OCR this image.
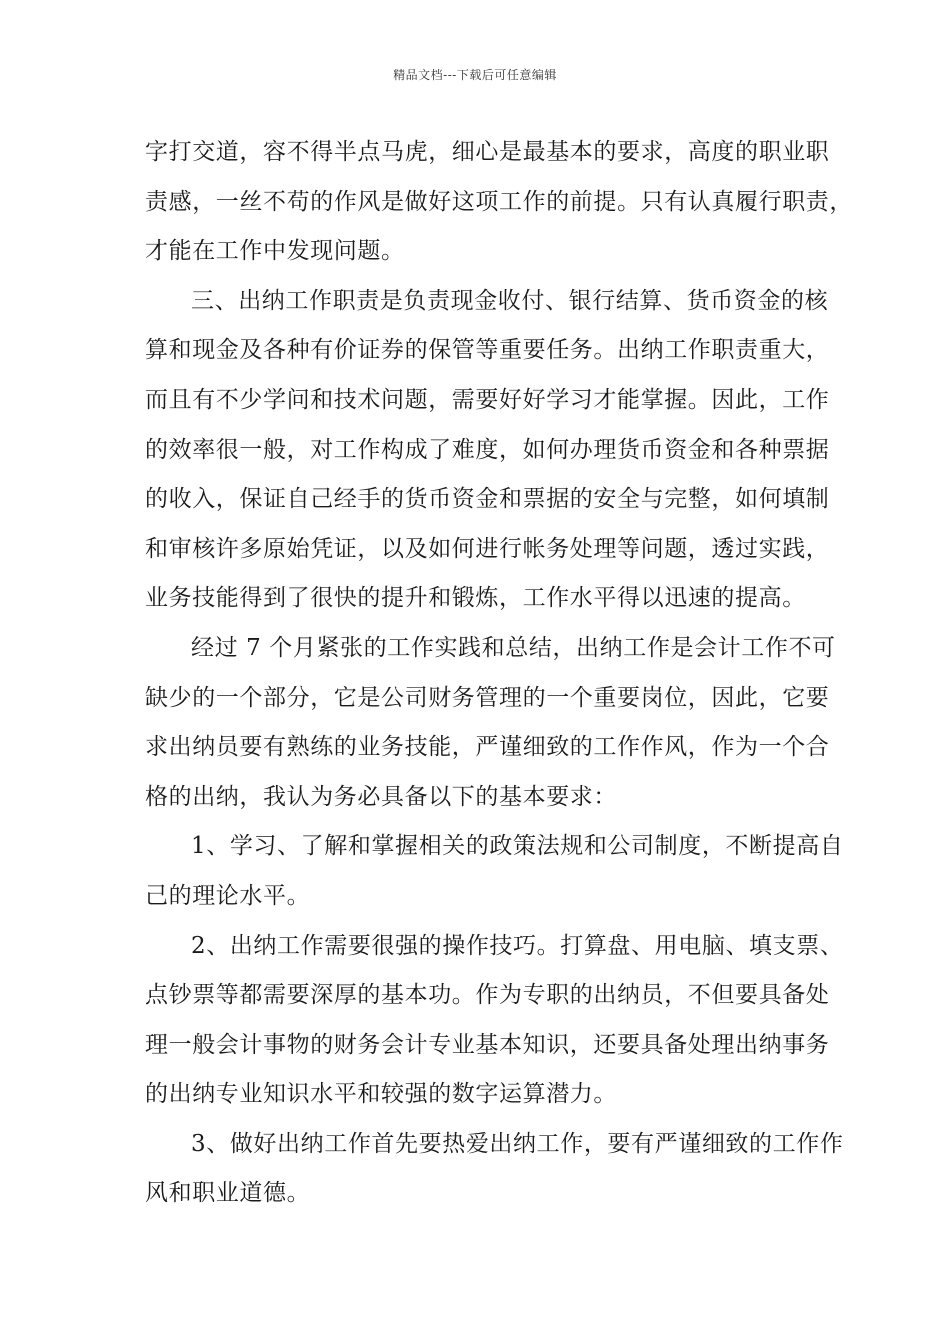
精品文档---下载后可任意编辑
字打交道，容不得半点马虎，细心是最基本的要求，高度的职业职
责感，一丝不苟的作风是做好这项工作的前提。只有认真履行职责，
才能在工作中发现问题。
三、出纳工作职责是负责现金收付、银行结算、货币资金的核
算和现金及各种有价证券的保管等重要任务。出纳工作职责重大，
而且有不少学问和技术问题，需要好好学习才能掌握。因此，工作
的效率很一般，对工作构成了难度，如何办理货币资金和各种票据
的收入，保证自己经手的货币资金和票据的安全与完整，如何填制
和审核许多原始凭证，以及如何进行帐务处理等问题，透过实践，
业务技能得到了很快的提升和锻炼，工作水平得以迅速的提高。
经过 7 个月紧张的工作实践和总结，出纳工作是会计工作不可
缺少的一个部分，它是公司财务管理的一个重要岗位，因此，它要
求出纳员要有熟练的业务技能，严谨细致的工作作风，作为一个合
格的出纳，我认为务必具备以下的基本要求：
1、学习、了解和掌握相关的政策法规和公司制度，不断提高自
己的理论水平。
2、出纳工作需要很强的操作技巧。打算盘、用电脑、填支票、
点钞票等都需要深厚的基本功。作为专职的出纳员，不但要具备处
理一般会计事物的财务会计专业基本知识，还要具备处理出纳事务
的出纳专业知识水平和较强的数字运算潜力。
3、做好出纳工作首先要热爱出纳工作，要有严谨细致的工作作
风和职业道德。
